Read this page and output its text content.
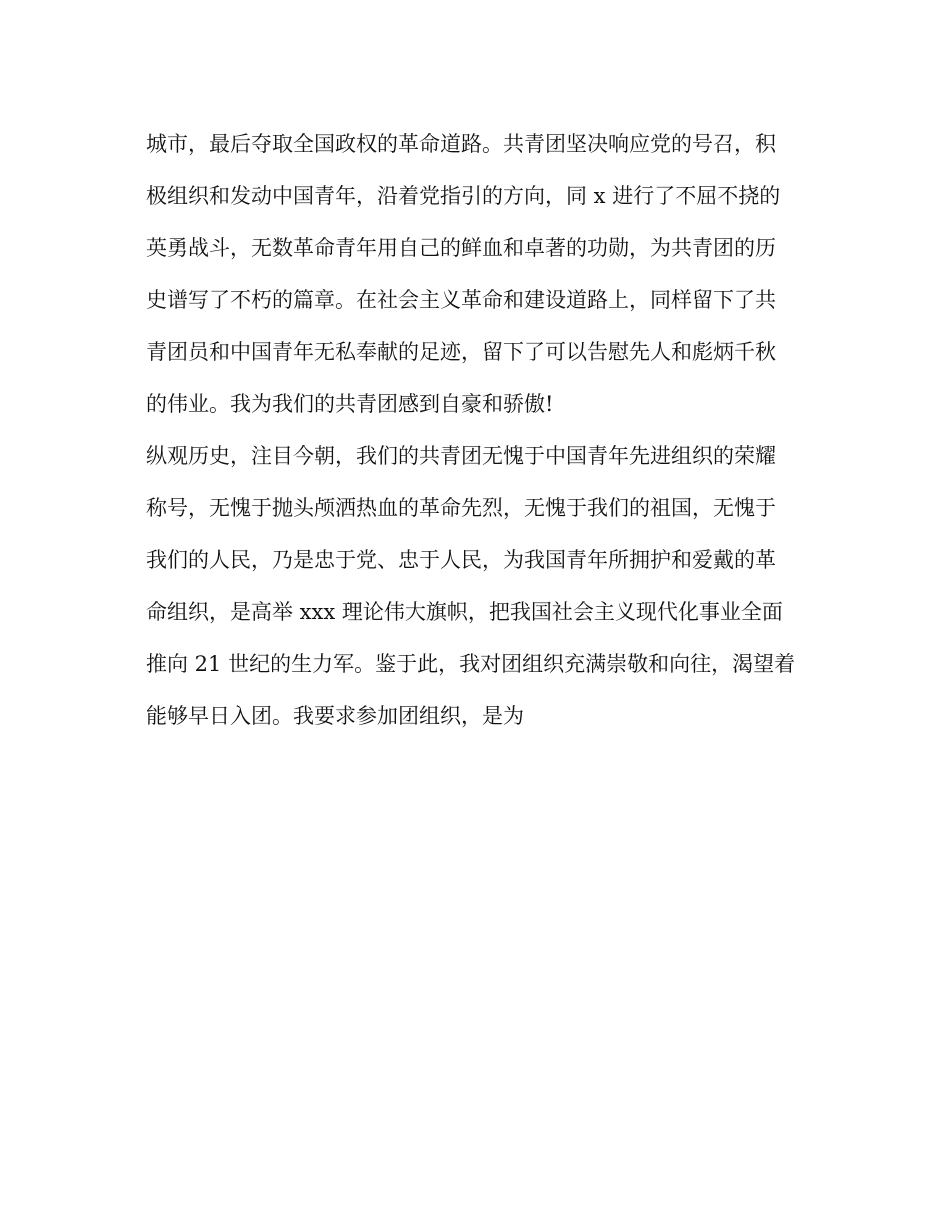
城市，最后夺取全国政权的革命道路。共青团坚决响应党的号召，积
极组织和发动中国青年，沿着党指引的方向，同 x 进行了不屈不挠的
英勇战斗，无数革命青年用自己的鲜血和卓著的功勋，为共青团的历
史谱写了不朽的篇章。在社会主义革命和建设道路上，同样留下了共
青团员和中国青年无私奉献的足迹，留下了可以告慰先人和彪炳千秋
的伟业。我为我们的共青团感到自豪和骄傲!
纵观历史，注目今朝，我们的共青团无愧于中国青年先进组织的荣耀
称号，无愧于抛头颅洒热血的革命先烈，无愧于我们的祖国，无愧于
我们的人民，乃是忠于党、忠于人民，为我国青年所拥护和爱戴的革
命组织，是高举 xxx 理论伟大旗帜，把我国社会主义现代化事业全面
推向 21 世纪的生力军。鉴于此，我对团组织充满崇敬和向往，渴望着
能够早日入团。我要求参加团组织，是为
